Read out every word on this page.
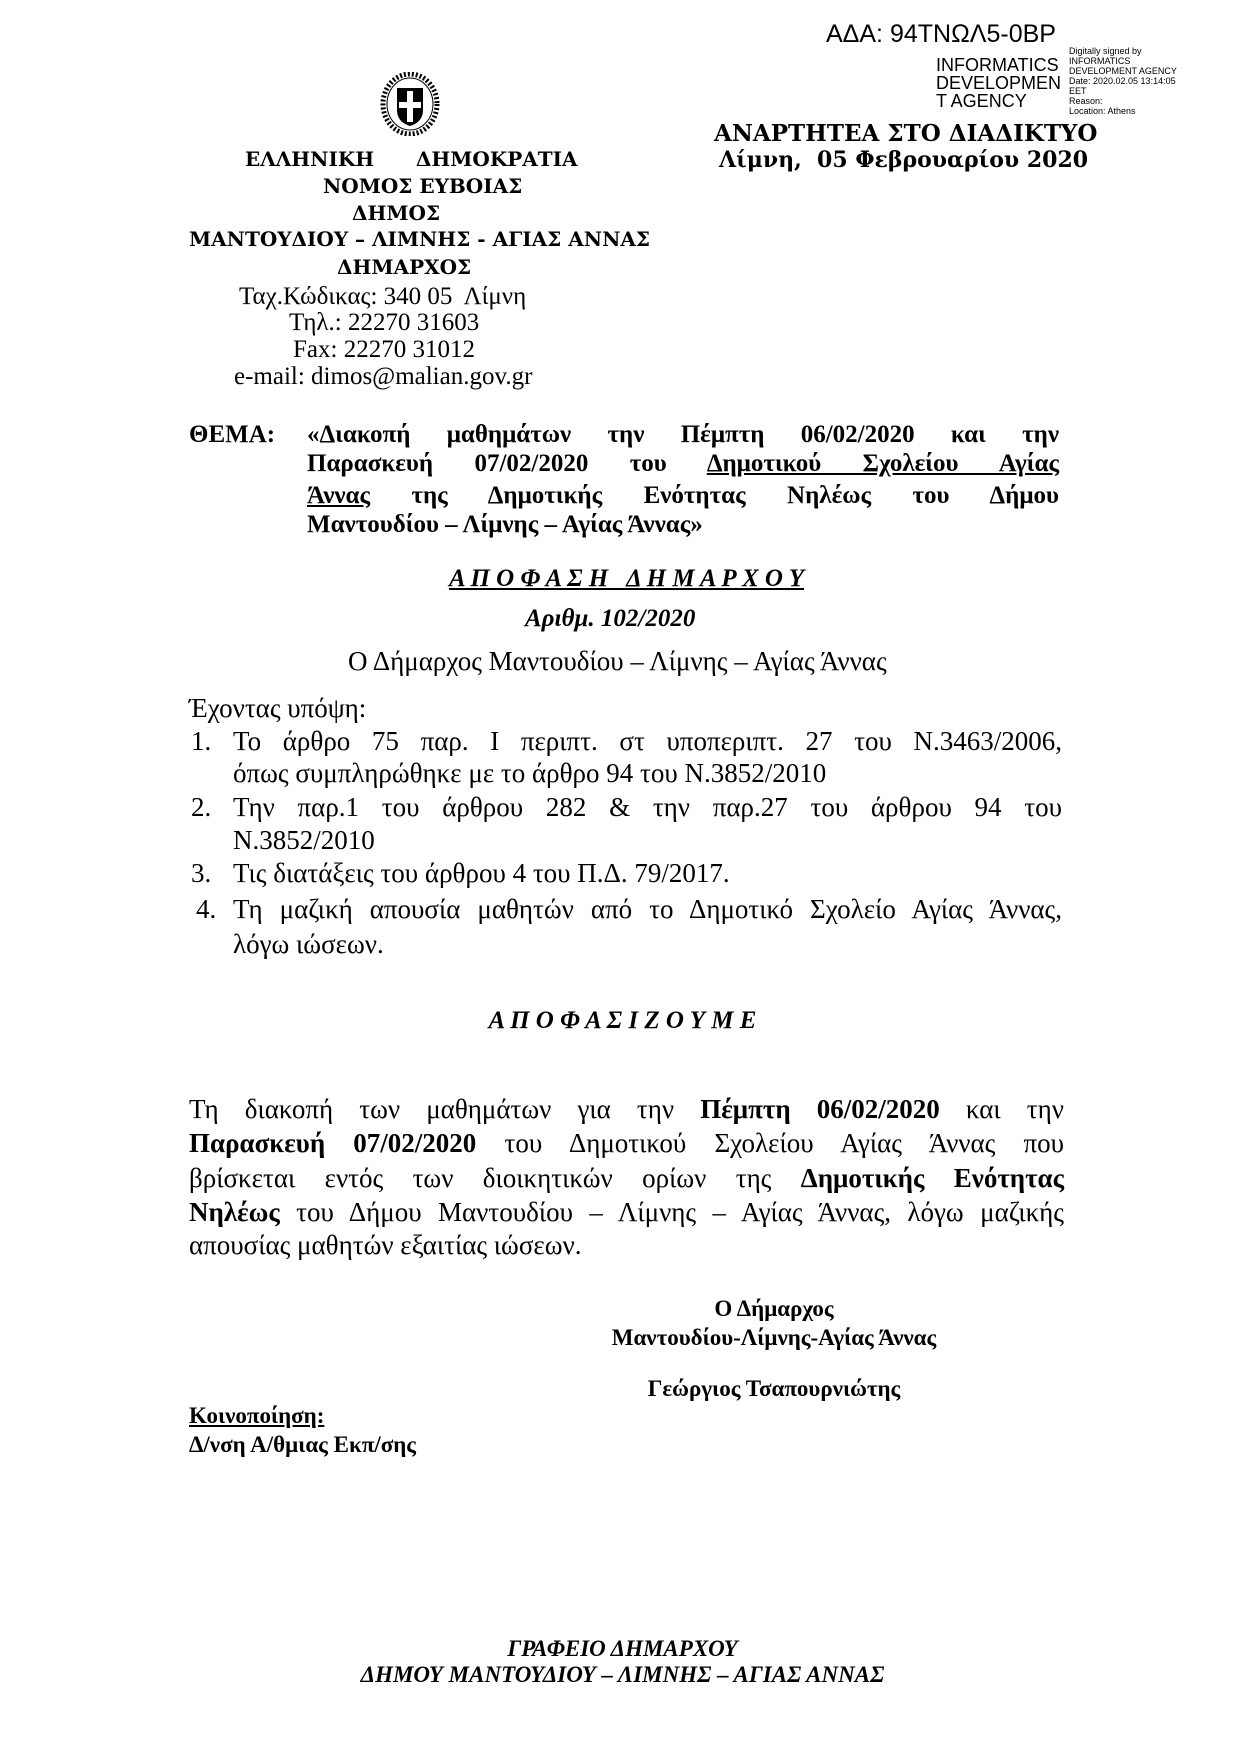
ΑΔΑ: 94ΤΝΩΛ5-0ΒΡ
ΕΛΛΗΝΙΚΗ      ΔΗΜΟΚΡΑΤΙΑ
ΝΟΜΟΣ ΕΥΒΟΙΑΣ
ΔΗΜΟΣ
ΜΑΝΤΟΥΔΙΟΥ – ΛΙΜΝΗΣ - ΑΓΙΑΣ ΑΝΝΑΣ
ΔΗΜΑΡΧΟΣ
Ταχ.Κώδικας: 340 05  Λίμνη
Τηλ.: 22270 31603
Fax: 22270 31012
e-mail: dimos@malian.gov.gr
ΑΝΑΡΤΗΤΕΑ ΣΤΟ ΔΙΑΔΙΚΤΥΟ
Λίμνη,  05 Φεβρουαρίου 2020
INFORMATICS
DEVELOPMEN
T AGENCY
Digitally signed by
INFORMATICS
DEVELOPMENT AGENCY
Date: 2020.02.05 13:14:05
EET
Reason:
Location: Athens
ΘΕΜΑ: «Διακοπή μαθημάτων την Πέμπτη 06/02/2020 και την
Παρασκευή 07/02/2020 του Δημοτικού Σχολείου Αγίας
Άννας της Δημοτικής Ενότητας Νηλέως του Δήμου
Μαντουδίου – Λίμνης – Αγίας Άννας»
Α Π Ο Φ Α Σ Η   Δ Η Μ Α Ρ Χ Ο Υ
Αριθμ. 102/2020
Ο Δήμαρχος Μαντουδίου – Λίμνης – Αγίας Άννας
Έχοντας υπόψη:
1. Το άρθρο 75 παρ. Ι περιπτ. στ υποπεριπτ. 27 του Ν.3463/2006,
όπως συμπληρώθηκε με το άρθρο 94 του Ν.3852/2010
2. Την παρ.1 του άρθρου 282 & την παρ.27 του άρθρου 94 του
Ν.3852/2010
3. Τις διατάξεις του άρθρου 4 του Π.Δ. 79/2017.
4. Τη μαζική απουσία μαθητών από το Δημοτικό Σχολείο Αγίας Άννας,
λόγω ιώσεων.
Α Π Ο Φ Α Σ Ι Ζ Ο Υ Μ Ε
Τη διακοπή των μαθημάτων για την Πέμπτη 06/02/2020 και την
Παρασκευή 07/02/2020 του Δημοτικού Σχολείου Αγίας Άννας που
βρίσκεται εντός των διοικητικών ορίων της Δημοτικής Ενότητας
Νηλέως του Δήμου Μαντουδίου – Λίμνης – Αγίας Άννας, λόγω μαζικής
απουσίας μαθητών εξαιτίας ιώσεων.
Ο Δήμαρχος
Μαντουδίου-Λίμνης-Αγίας Άννας
Γεώργιος Τσαπουρνιώτης
Κοινοποίηση:
Δ/νση Α/θμιας Εκπ/σης
ΓΡΑΦΕΙΟ ΔΗΜΑΡΧΟΥ
ΔΗΜΟΥ ΜΑΝΤΟΥΔΙΟΥ – ΛΙΜΝΗΣ – ΑΓΙΑΣ ΑΝΝΑΣ
